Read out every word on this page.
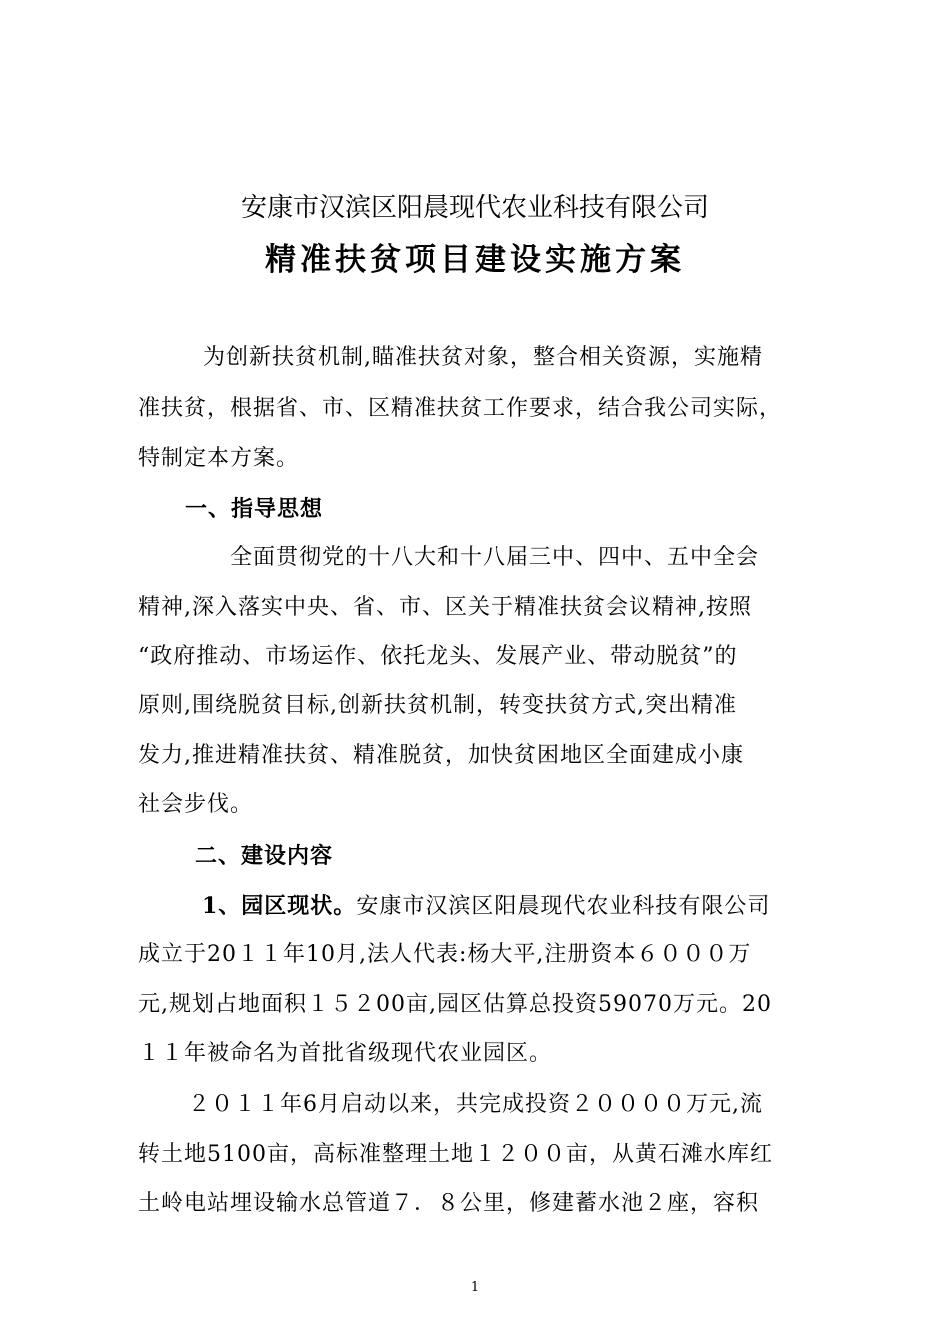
安康市汉滨区阳晨现代农业科技有限公司
精准扶贫项目建设实施方案
为创新扶贫机制,瞄准扶贫对象，整合相关资源，实施精
准扶贫，根据省、市、区精准扶贫工作要求，结合我公司实际，
特制定本方案。
一、指导思想
全面贯彻党的十八大和十八届三中、四中、五中全会
精神,深入落实中央、省、市、区关于精准扶贫会议精神,按照
“政府推动、市场运作、依托龙头、发展产业、带动脱贫”的
原则,围绕脱贫目标,创新扶贫机制，转变扶贫方式,突出精准
发力,推进精准扶贫、精准脱贫，加快贫困地区全面建成小康
社会步伐。
二、建设内容
1、园区现状。安康市汉滨区阳晨现代农业科技有限公司
成立于20１１年10月,法人代表:杨大平,注册资本６０００万
元,规划占地面积１５２00亩,园区估算总投资59070万元。20
１１年被命名为首批省级现代农业园区。
２０１１年6月启动以来，共完成投资２００００万元,流
转土地5100亩，高标准整理土地１２００亩，从黄石滩水库红
土岭电站埋设输水总管道７．８公里，修建蓄水池２座，容积
1
